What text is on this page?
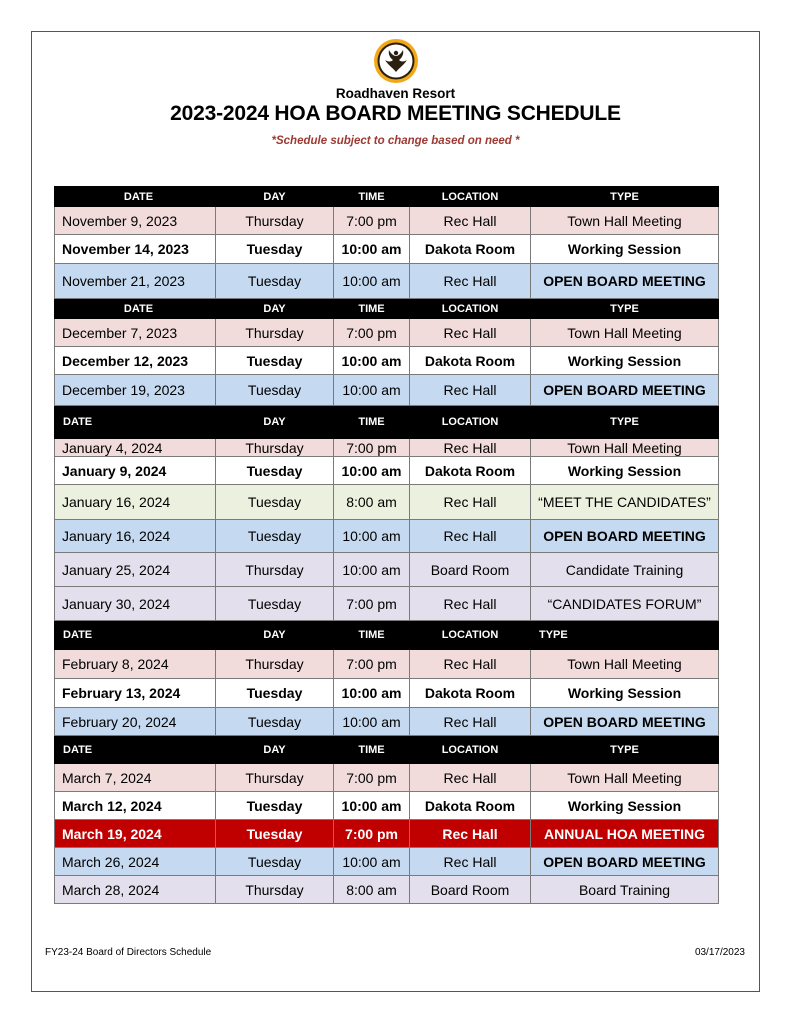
Roadhaven Resort
2023-2024 HOA BOARD MEETING SCHEDULE
*Schedule subject to change based on need *
DATE	DAY	TIME	LOCATION	TYPE
November 9, 2023	Thursday	7:00 pm	Rec Hall	Town Hall Meeting
November 14, 2023	Tuesday	10:00 am	Dakota Room	Working Session
November 21, 2023	Tuesday	10:00 am	Rec Hall	OPEN BOARD MEETING
DATE	DAY	TIME	LOCATION	TYPE
December 7, 2023	Thursday	7:00 pm	Rec Hall	Town Hall Meeting
December 12, 2023	Tuesday	10:00 am	Dakota Room	Working Session
December 19, 2023	Tuesday	10:00 am	Rec Hall	OPEN BOARD MEETING
DATE	DAY	TIME	LOCATION	TYPE
January 4, 2024	Thursday	7:00 pm	Rec Hall	Town Hall Meeting
January 9, 2024	Tuesday	10:00 am	Dakota Room	Working Session
January 16, 2024	Tuesday	8:00 am	Rec Hall	“MEET THE CANDIDATES”
January 16, 2024	Tuesday	10:00 am	Rec Hall	OPEN BOARD MEETING
January 25, 2024	Thursday	10:00 am	Board Room	Candidate Training
January 30, 2024	Tuesday	7:00 pm	Rec Hall	“CANDIDATES FORUM”
DATE	DAY	TIME	LOCATION	TYPE
February 8, 2024	Thursday	7:00 pm	Rec Hall	Town Hall Meeting
February 13, 2024	Tuesday	10:00 am	Dakota Room	Working Session
February 20, 2024	Tuesday	10:00 am	Rec Hall	OPEN BOARD MEETING
DATE	DAY	TIME	LOCATION	TYPE
March 7, 2024	Thursday	7:00 pm	Rec Hall	Town Hall Meeting
March 12, 2024	Tuesday	10:00 am	Dakota Room	Working Session
March 19, 2024	Tuesday	7:00 pm	Rec Hall	ANNUAL HOA MEETING
March 26, 2024	Tuesday	10:00 am	Rec Hall	OPEN BOARD MEETING
March 28, 2024	Thursday	8:00 am	Board Room	Board Training
FY23-24 Board of Directors Schedule	03/17/2023
